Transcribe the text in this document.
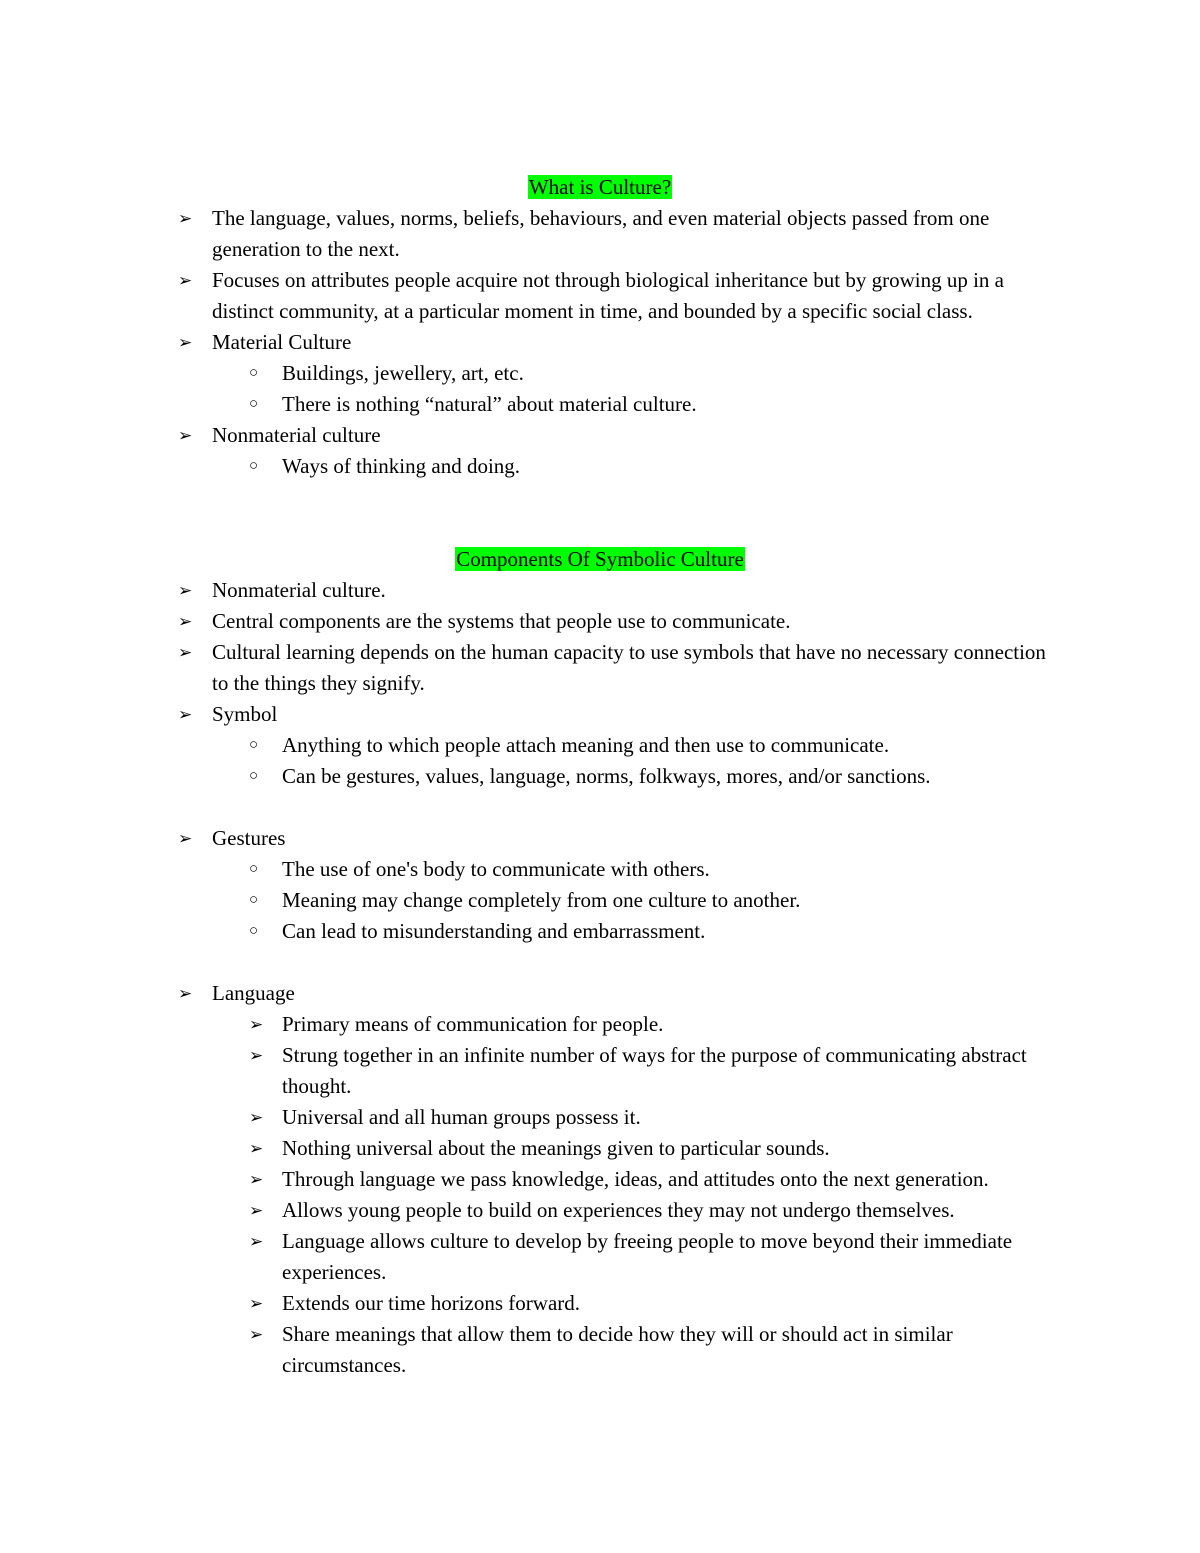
What is Culture?
➢ The language, values, norms, beliefs, behaviours, and even material objects passed from one generation to the next.
➢ Focuses on attributes people acquire not through biological inheritance but by growing up in a distinct community, at a particular moment in time, and bounded by a specific social class.
➢ Material Culture
○ Buildings, jewellery, art, etc.
○ There is nothing “natural” about material culture.
➢ Nonmaterial culture
○ Ways of thinking and doing.
Components Of Symbolic Culture
➢ Nonmaterial culture.
➢ Central components are the systems that people use to communicate.
➢ Cultural learning depends on the human capacity to use symbols that have no necessary connection to the things they signify.
➢ Symbol
○ Anything to which people attach meaning and then use to communicate.
○ Can be gestures, values, language, norms, folkways, mores, and/or sanctions.
➢ Gestures
○ The use of one's body to communicate with others.
○ Meaning may change completely from one culture to another.
○ Can lead to misunderstanding and embarrassment.
➢ Language
➢ Primary means of communication for people.
➢ Strung together in an infinite number of ways for the purpose of communicating abstract thought.
➢ Universal and all human groups possess it.
➢ Nothing universal about the meanings given to particular sounds.
➢ Through language we pass knowledge, ideas, and attitudes onto the next generation.
➢ Allows young people to build on experiences they may not undergo themselves.
➢ Language allows culture to develop by freeing people to move beyond their immediate experiences.
➢ Extends our time horizons forward.
➢ Share meanings that allow them to decide how they will or should act in similar circumstances.
